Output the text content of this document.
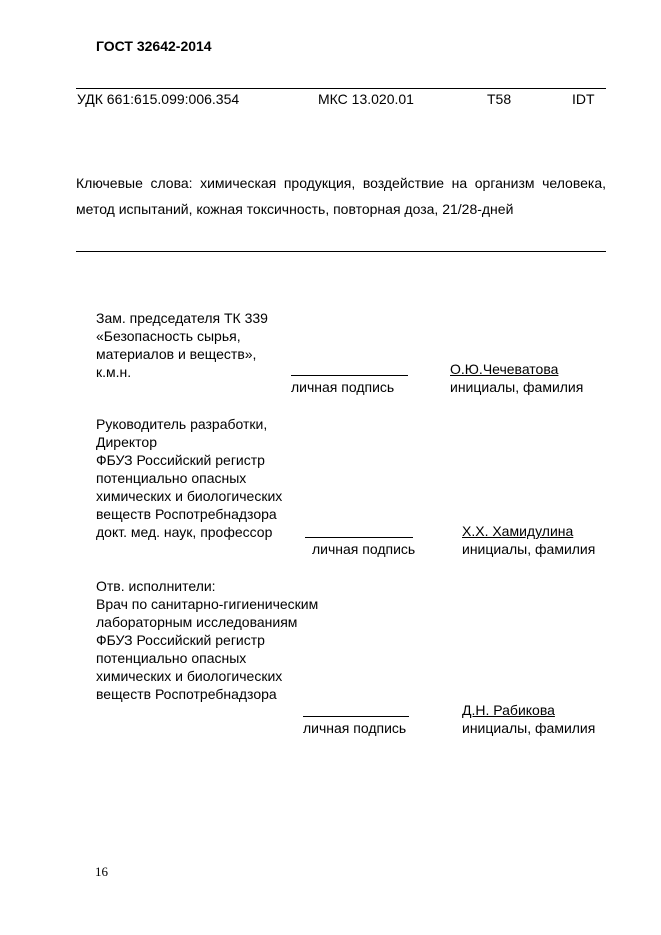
ГОСТ 32642-2014
УДК 661:615.099:006.354	МКС 13.020.01	T58	IDT
Ключевые слова: химическая продукция, воздействие на организм человека, метод испытаний, кожная токсичность, повторная доза, 21/28-дней
Зам. председателя ТК 339
«Безопасность сырья,
материалов и веществ»,
к.м.н.
личная подпись
О.Ю.Чечеватова
инициалы, фамилия
Руководитель разработки,
Директор
ФБУЗ Российский регистр
потенциально опасных
химических и биологических
веществ Роспотребнадзора
докт. мед. наук, профессор
личная подпись
Х.Х. Хамидулина
инициалы, фамилия
Отв. исполнители:
Врач по санитарно-гигиеническим
лабораторным исследованиям
ФБУЗ Российский регистр
потенциально опасных
химических и биологических
веществ Роспотребнадзора
личная подпись
Д.Н. Рабикова
инициалы, фамилия
16
